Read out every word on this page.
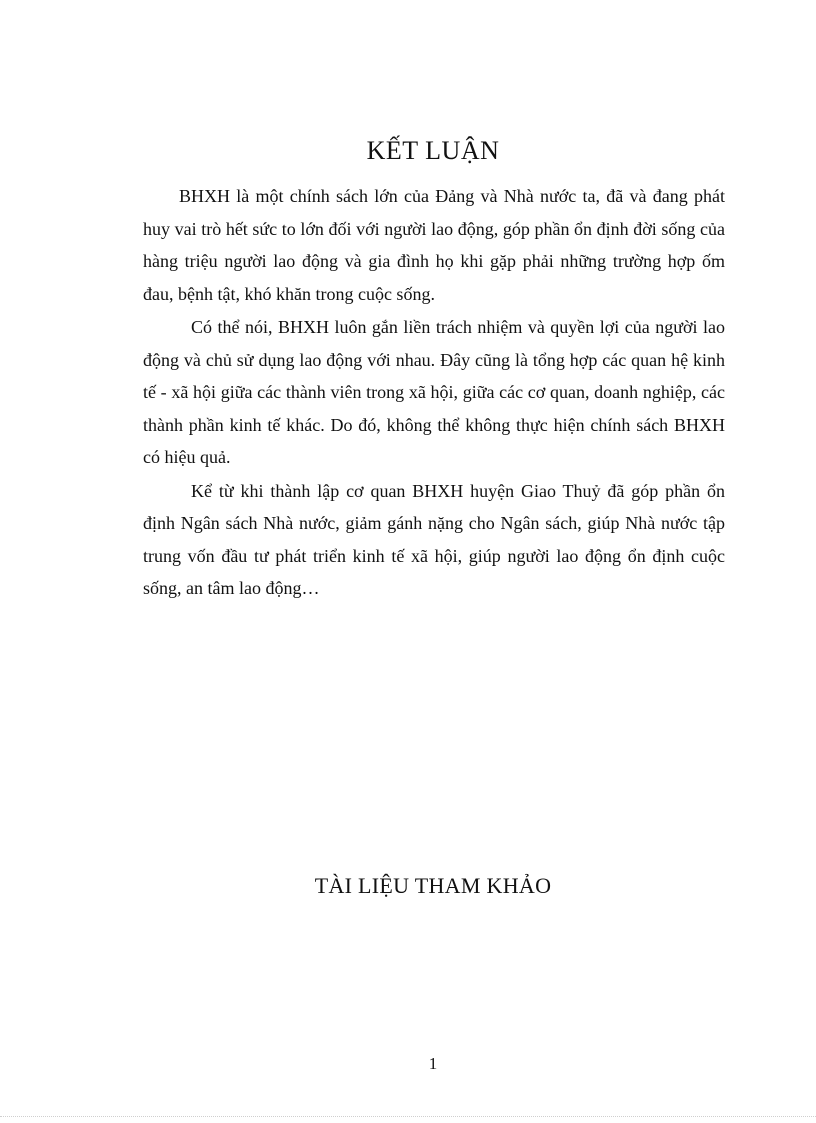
KẾT LUẬN

BHXH là một chính sách lớn của Đảng và Nhà nước ta, đã và đang phát huy vai trò hết sức to lớn đối với người lao động, góp phần ổn định đời sống của hàng triệu người lao động và gia đình họ khi gặp phải những trường hợp ốm đau, bệnh tật, khó khăn trong cuộc sống.

Có thể nói, BHXH luôn gắn liền trách nhiệm và quyền lợi của người lao động và chủ sử dụng lao động với nhau. Đây cũng là tổng hợp các quan hệ kinh tế - xã hội giữa các thành viên trong xã hội, giữa các cơ quan, doanh nghiệp, các thành phần kinh tế khác. Do đó, không thể không thực hiện chính sách BHXH có hiệu quả.

Kể từ khi thành lập cơ quan BHXH huyện Giao Thuỷ đã góp phần ổn định Ngân sách Nhà nước, giảm gánh nặng cho Ngân sách, giúp Nhà nước tập trung vốn đầu tư phát triển kinh tế xã hội, giúp người lao động ổn định cuộc sống, an tâm lao động…

TÀI LIỆU THAM KHẢO
1
